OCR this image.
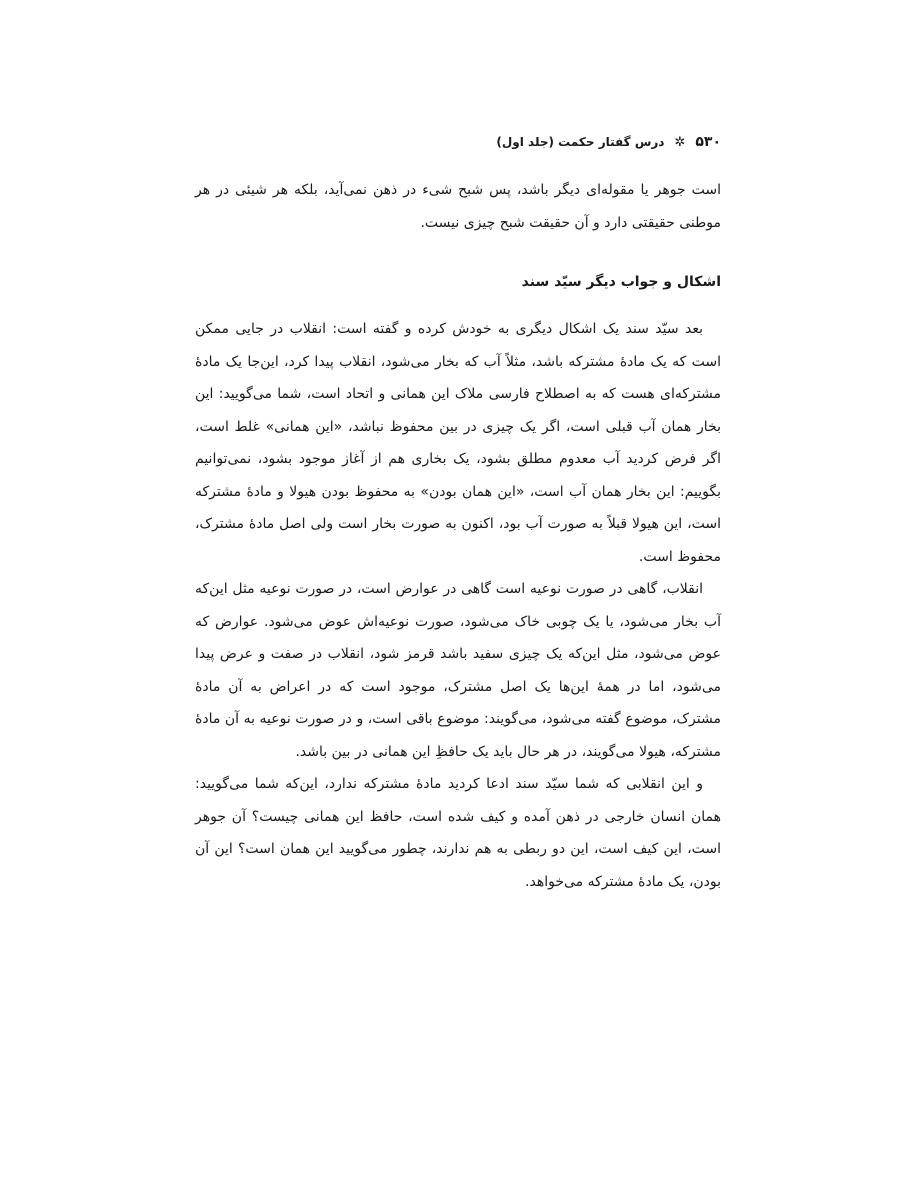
۵۳۰
✲
درس گفتار حکمت (جلد اول)

است جوهر یا مقوله‌ای دیگر باشد، پس شبح شیء در ذهن نمی‌آید، بلکه هر شیئی در هر موطنی حقیقتی دارد و آن حقیقت شبح چیزی نیست.

اشکال و جواب دیگر سیّد سند

بعد سیّد سند یک اشکال دیگری به خودش کرده و گفته است: انقلاب در جایی ممکن است که یک مادهٔ مشترکه باشد، مثلاً آب که بخار می‌شود، انقلاب پیدا کرد، این‌جا یک مادهٔ مشترکه‌ای هست که به اصطلاح فارسی ملاک این همانی و اتحاد است، شما می‌گویید: این بخار همان آب قبلی است، اگر یک چیزی در بین محفوظ نباشد، «این همانی» غلط است، اگر فرض کردید آب معدوم مطلق بشود، یک بخاری هم از آغاز موجود بشود، نمی‌توانیم بگوییم: این بخار همان آب است، «این همان بودن» به محفوظ بودن هیولا و مادهٔ مشترکه است، این هیولا قبلاً به صورت آب بود، اکنون به صورت بخار است ولی اصل مادهٔ مشترک، محفوظ است.

انقلاب، گاهی در صورت نوعیه است گاهی در عوارض است، در صورت نوعیه مثل این‌که آب بخار می‌شود، یا یک چوبی خاک می‌شود، صورت نوعیه‌اش عوض می‌شود. عوارض که عوض می‌شود، مثل این‌که یک چیزی سفید باشد قرمز شود، انقلاب در صفت و عرض پیدا می‌شود، اما در همهٔ این‌ها یک اصل مشترک، موجود است که در اعراض به آن مادهٔ مشترک، موضوع گفته می‌شود، می‌گویند: موضوع باقی است، و در صورت نوعیه به آن مادهٔ مشترکه، هیولا می‌گویند، در هر حال باید یک حافظِ این همانی در بین باشد.

و این انقلابی که شما سیّد سند ادعا کردید مادهٔ مشترکه ندارد، این‌که شما می‌گویید: همان انسان خارجی در ذهن آمده و کیف شده است، حافظ این همانی چیست؟ آن جوهر است، این کیف است، این دو ربطی به هم ندارند، چطور می‌گویید این همان است؟ این آن بودن، یک مادهٔ مشترکه می‌خواهد.
